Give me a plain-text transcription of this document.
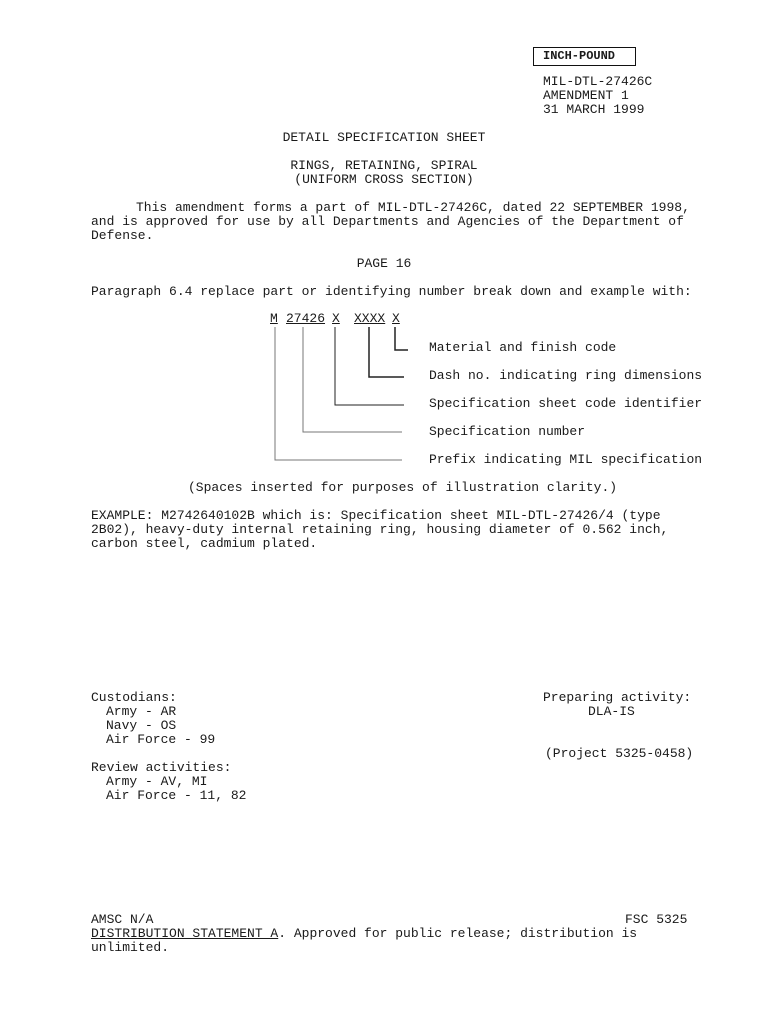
INCH-POUND
MIL-DTL-27426C
AMENDMENT 1
31 MARCH 1999
DETAIL SPECIFICATION SHEET
RINGS, RETAINING, SPIRAL
(UNIFORM CROSS SECTION)
This amendment forms a part of MIL-DTL-27426C, dated 22 SEPTEMBER 1998, and is approved for use by all Departments and Agencies of the Department of Defense.
PAGE 16
Paragraph 6.4 replace part or identifying number break down and example with:
M 27426 X XXXX X
Material and finish code
Dash no. indicating ring dimensions
Specification sheet code identifier
Specification number
Prefix indicating MIL specification
(Spaces inserted for purposes of illustration clarity.)
EXAMPLE: M2742640102B which is: Specification sheet MIL-DTL-27426/4 (type 2B02), heavy-duty internal retaining ring, housing diameter of 0.562 inch, carbon steel, cadmium plated.
Custodians:
Army - AR
Navy - OS
Air Force - 99
Review activities:
Army - AV, MI
Air Force - 11, 82
Preparing activity:
DLA-IS
(Project 5325-0458)
AMSC N/A	FSC 5325
DISTRIBUTION STATEMENT A. Approved for public release; distribution is unlimited.
